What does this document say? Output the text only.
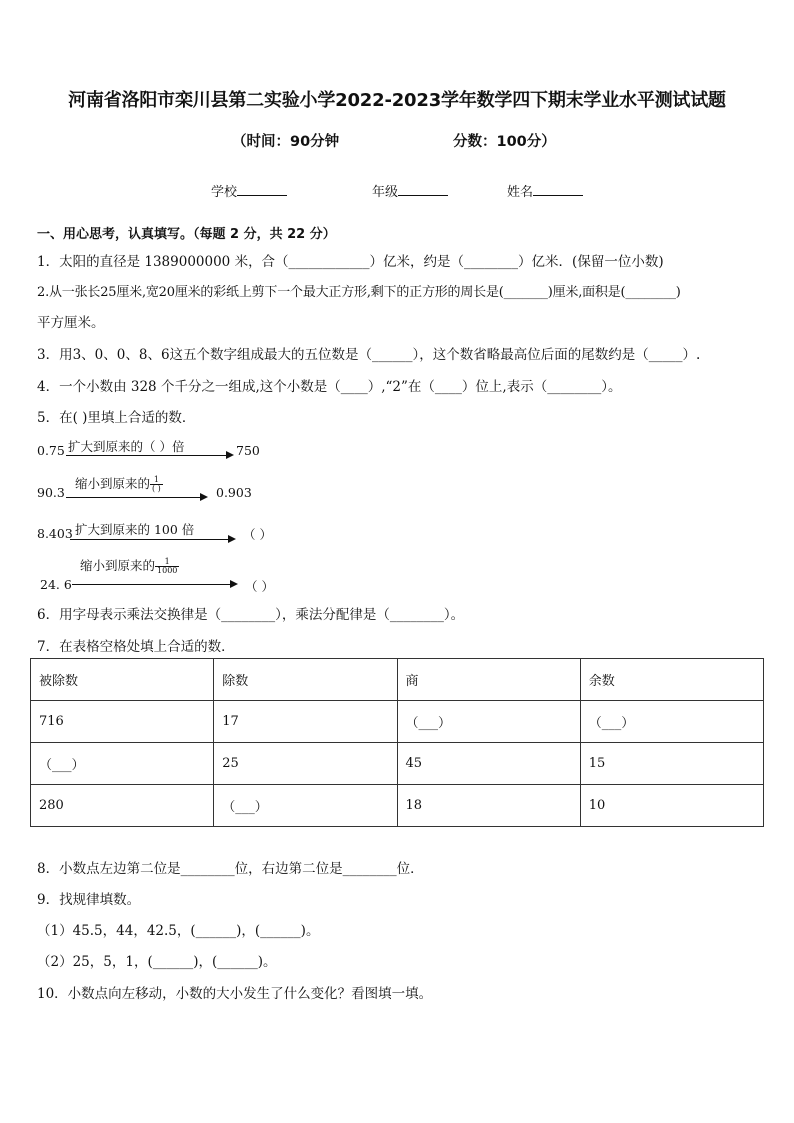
河南省洛阳市栾川县第二实验小学2022-2023学年数学四下期末学业水平测试试题
（时间：90分钟	分数：100分）
学校	年级	姓名
一、用心思考，认真填写。（每题 2 分，共 22 分）
1．太阳的直径是 1389000000 米，合（____________）亿米，约是（________）亿米．(保留一位小数)
2.从一张长25厘米,宽20厘米的彩纸上剪下一个最大正方形,剩下的正方形的周长是(_______)厘米,面积是(________)
平方厘米。
3．用3、0、0、8、6这五个数字组成最大的五位数是（______），这个数省略最高位后面的尾数约是（_____）.
4．一个小数由 328 个千分之一组成,这个小数是（____）,“2”在（____）位上,表示（________）。
5．在( )里填上合适的数．
0.75 扩大到原来的（ ）倍	750
90.3
缩小到原来的 $\frac{1}{( )}$	0.903
8.403 扩大到原来的 100 倍	（ ）
缩小到原来的 $\frac{1}{1000}$
24. 6	（ ）
6．用字母表示乘法交换律是（________），乘法分配律是（________）。
7．在表格空格处填上合适的数．
被除数	除数	商	余数
716	17	（___）	（___）
（___）	25	45	15
280	（___）	18	10
8．小数点左边第二位是________位，右边第二位是________位．
9．找规律填数。
（1）45.5，44，42.5，(______)，(______)。
（2）25，5，1，(______)，(______)。
10．小数点向左移动，小数的大小发生了什么变化？看图填一填。
